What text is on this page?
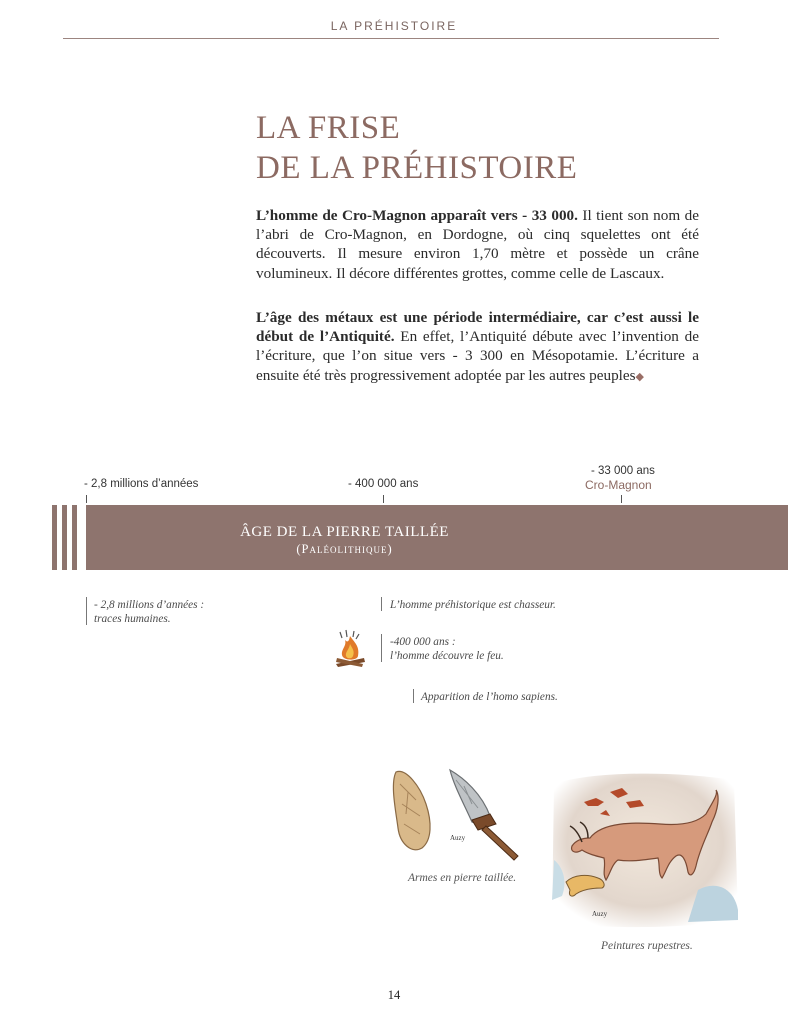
LA PRÉHISTOIRE
LA FRISE
DE LA PRÉHISTOIRE
L’homme de Cro-Magnon apparaît vers - 33 000. Il tient son nom de l’abri de Cro-Magnon, en Dordogne, où cinq squelettes ont été découverts. Il mesure environ 1,70 mètre et possède un crâne volumineux. Il décore différentes grottes, comme celle de Lascaux.
L’âge des métaux est une période intermédiaire, car c’est aussi le début de l’Antiquité. En effet, l’Antiquité débute avec l’invention de l’écriture, que l’on situe vers - 3 300 en Mésopotamie. L’écriture a ensuite été très progressivement adoptée par les autres peuples◆
- 2,8 millions d’années	- 400 000 ans
- 33 000 ans
Cro-Magnon
ÂGE DE LA PIERRE TAILLÉE
(Paléolithique)
- 2,8 millions d’années :
traces humaines.
L’homme préhistorique est chasseur.
-400 000 ans :
l’homme découvre le feu.
Apparition de l’homo sapiens.
Auzy
Armes en pierre taillée.
Auzy
Peintures rupestres.
14
